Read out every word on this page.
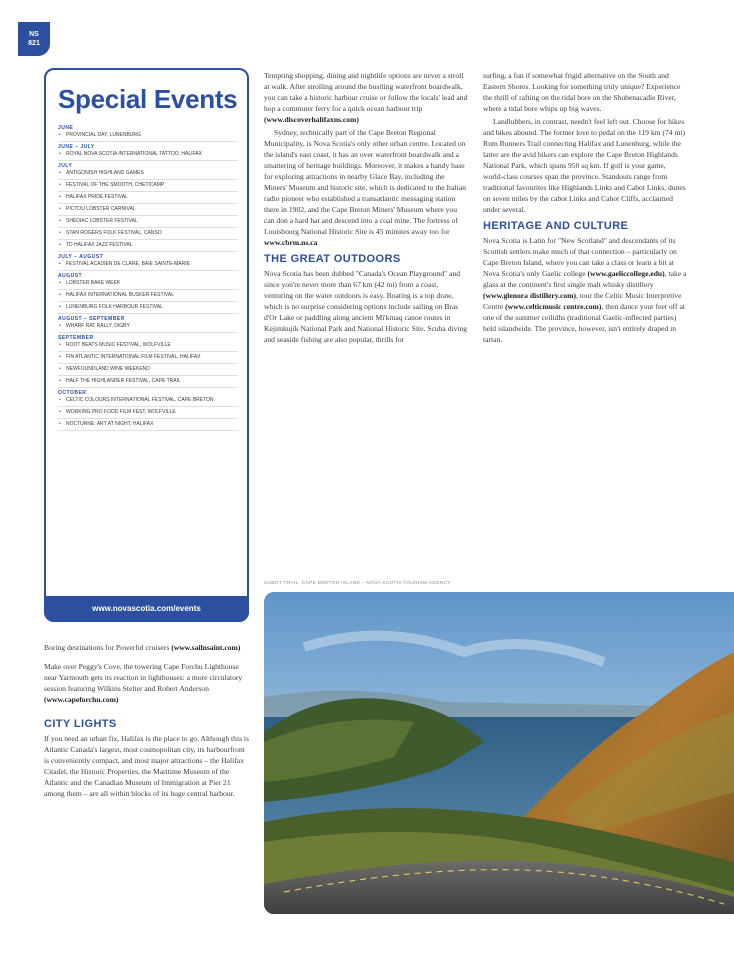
NS
821
Special Events
JUNE
• PROVINCIAL DAY, LUNENBURG
JUNE – JULY
• ROYAL NOVA SCOTIA INTERNATIONAL TATTOO, HALIFAX
JULY
• ANTIGONISH HIGHLAND GAMES
• FESTIVAL OF THE SMOOTH, CHETICAMP
• HALIFAX PRIDE FESTIVAL
• PICTOU LOBSTER CARNIVAL
• SHEDIAC LOBSTER FESTIVAL
• STAN ROGERS FOLK FESTIVAL, CANSO
• TD HALIFAX JAZZ FESTIVAL
JULY – AUGUST
• FESTIVAL ACADIEN DE CLARE, BAIE SAINTE-MARIE
AUGUST
• LOBSTER BAKE WEEK
• HALIFAX INTERNATIONAL BUSKER FESTIVAL
• LUNENBURG FOLK HARBOUR FESTIVAL
AUGUST – SEPTEMBER
• WHARF RAT RALLY, DIGBY
SEPTEMBER
• ROOT BEATS MUSIC FESTIVAL, WOLFVILLE
• FIN ATLANTIC INTERNATIONAL FILM FESTIVAL, HALIFAX
• NEWFOUNDLAND WINE WEEKEND
• HALF THE HIGHLANDER FESTIVAL, CAPE TRAIL
OCTOBER
• CELTIC COLOURS INTERNATIONAL FESTIVAL, CAPE BRETON
• WORKING PRO FOOD FILM FEST, WOLFVILLE
• NOCTURNE: ART AT NIGHT, HALIFAX
www.novascotia.com/events

Boring destinations for Powerful cruisers (www.sailnsaint.com)

Make over Peggy's Cove, the towering Cape Forchu Lighthouse near Yarmouth gets its reaction in lighthouses: a more circulatory session featuring Wilkins Stelter and Robert Anderson (www.capeforchu.com)

CITY LIGHTS

If you need an urban fix, Halifax is the place to go. Although this is Atlantic Canada's largest, most cosmopolitan city, its harbourfront is conveniently compact, and most major attractions – the Halifax Citadel, the Historic Properties, the Maritime Museum of the Atlantic and the Canadian Museum of Immigration at Pier 21 among them – are all within blocks of its huge central harbour.

Tempting shopping, dining and nightlife options are never a stroll at walk. After strolling around the bustling waterfront boardwalk, you can take a historic harbour cruise or follow the locals' lead and hop a commuter ferry for a quick ocean harbour trip (www.discoverhalifaxns.com)

Sydney, technically part of the Cape Breton Regional Municipality, is Nova Scotia's only other urban centre. Located on the island's east coast, it has an over waterfront boardwalk and a smattering of heritage buildings. Moreover, it makes a handy base for exploring attractions in nearby Glace Bay, including the Miners' Museum and historic site, which is dedicated to the Italian radio pioneer who established a transatlantic messaging station there in 1902, and the Cape Breton Miners' Museum where you can don a hard hat and descend into a coal mine. The fortress of Louisbourg National Historic Site is 45 minutes away too for www.cbrm.ns.ca

THE GREAT OUTDOORS

Nova Scotia has been dubbed "Canada's Ocean Playground" and since you're never more than 67 km (42 mi) from a coast, venturing on the water outdoors is easy. Boating is a top draw, which is no surprise considering options include sailing on Bras d'Or Lake or paddling along ancient Mi'kmaq canoe routes in Kejimkujik National Park and National Historic Site. Scuba diving and seaside fishing are also popular, thrills for

surfing, a fun if somewhat frigid alternative on the South and Eastern Shores. Looking for something truly unique? Experience the thrill of rafting on the tidal bore on the Shubenacadie River, where a tidal bore whips up big waves.

Landlubbers, in contrast, needn't feel left out. Choose for hikes and bikes abound. The former love to pedal on the 119 km (74 mi) Rum Runners Trail connecting Halifax and Lunenburg, while the latter are the avid hikers can explore the Cape Breton Highlands National Park, which spans 950 sq km. If golf is your game, world-class courses span the province. Standouts range from traditional favourites like Highlands Links and Cabot Links, dunes on seven miles by the cabot Links and Cabot Cliffs, acclaimed under several.

HERITAGE AND CULTURE

Nova Scotia is Latin for "New Scotland" and descendants of its Scottish settlers make much of that connection – particularly on Cape Breton Island, where you can take a class or learn a bit at Nova Scotia's only Gaelic college (www.gaeliccollege.edu), take a glass at the continent's first single malt whisky distillery (www.glenora distillery.com), tour the Celtic Music Interpretive Centre (www.celticmusic centre.com), then dance your feet off at one of the summer ceilidhs (traditional Gaelic-inflected parties) held islandwide. The province, however, isn't entirely draped in tartan.

CABOT TRAIL, CAPE BRETON ISLAND – NOVA SCOTIA TOURISM AGENCY
